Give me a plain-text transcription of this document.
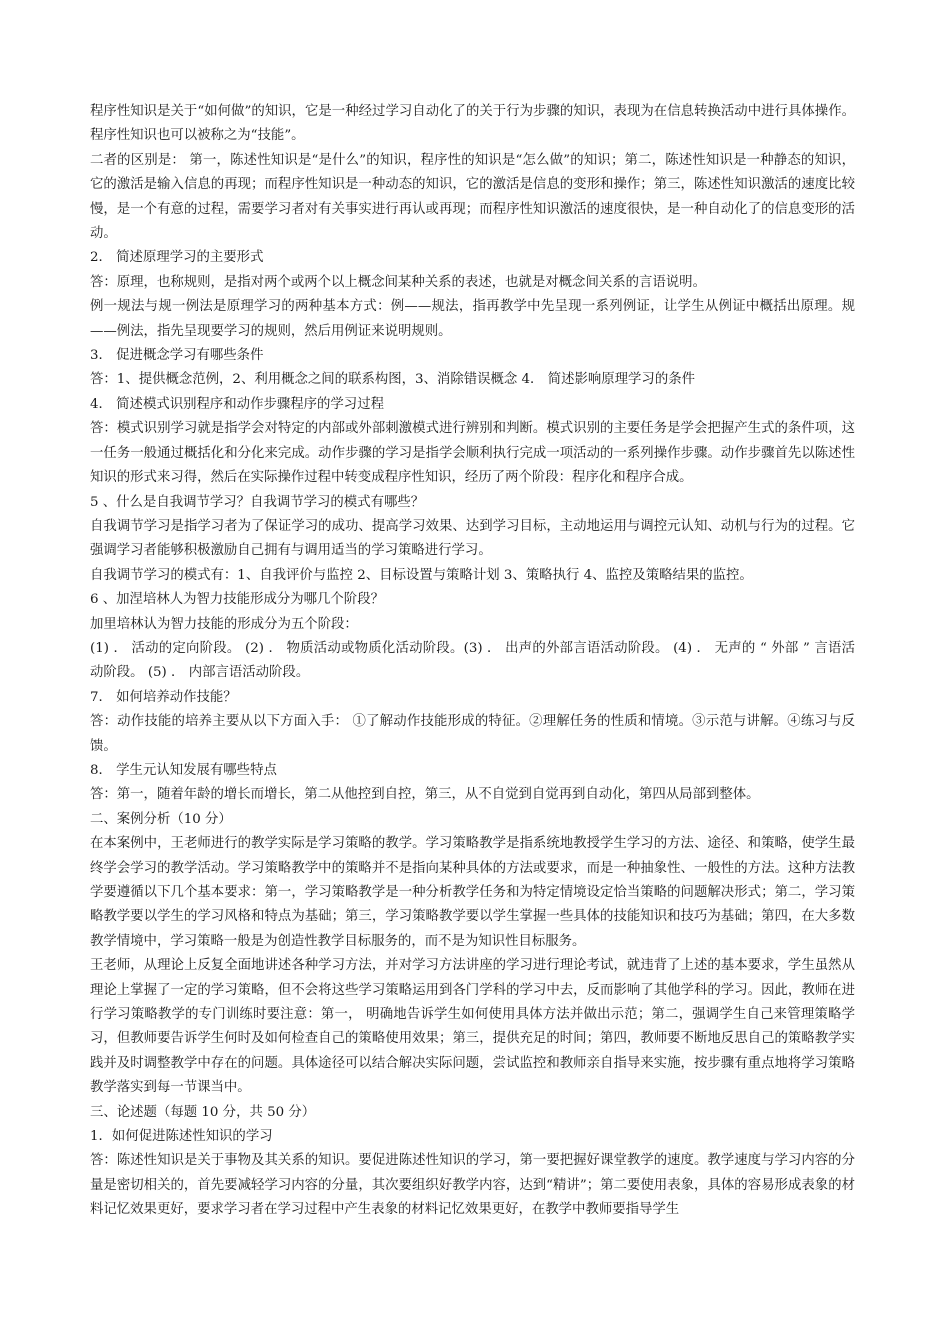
程序性知识是关于“如何做”的知识，它是一种经过学习自动化了的关于行为步骤的知识，表现为在信息转换活动中进行具体操作。程序性知识也可以被称之为“技能”。

二者的区别是： 第一，陈述性知识是“是什么”的知识，程序性的知识是“怎么做”的知识；第二，陈述性知识是一种静态的知识，它的激活是输入信息的再现；而程序性知识是一种动态的知识，它的激活是信息的变形和操作；第三，陈述性知识激活的速度比较慢，是一个有意的过程，需要学习者对有关事实进行再认或再现；而程序性知识激活的速度很快，是一种自动化了的信息变形的活动。

2． 简述原理学习的主要形式

答：原理，也称规则，是指对两个或两个以上概念间某种关系的表述，也就是对概念间关系的言语说明。

例一规法与规一例法是原理学习的两种基本方式：例——规法，指再教学中先呈现一系列例证，让学生从例证中概括出原理。规——例法，指先呈现要学习的规则，然后用例证来说明规则。

3． 促进概念学习有哪些条件

答：1、提供概念范例，2、利用概念之间的联系构图，3、消除错误概念 4． 简述影响原理学习的条件

4． 简述模式识别程序和动作步骤程序的学习过程

答：模式识别学习就是指学会对特定的内部或外部刺激模式进行辨别和判断。模式识别的主要任务是学会把握产生式的条件项，这一任务一般通过概括化和分化来完成。动作步骤的学习是指学会顺利执行完成一项活动的一系列操作步骤。动作步骤首先以陈述性知识的形式来习得，然后在实际操作过程中转变成程序性知识，经历了两个阶段：程序化和程序合成。

5 、什么是自我调节学习？自我调节学习的模式有哪些？

自我调节学习是指学习者为了保证学习的成功、提高学习效果、达到学习目标，主动地运用与调控元认知、动机与行为的过程。它强调学习者能够积极激励自己拥有与调用适当的学习策略进行学习。

自我调节学习的模式有：1、自我评价与监控 2、目标设置与策略计划 3、策略执行 4、监控及策略结果的监控。

6 、加涅培林人为智力技能形成分为哪几个阶段？

加里培林认为智力技能的形成分为五个阶段：

(1) ． 活动的定向阶段。 (2) ． 物质活动或物质化活动阶段。(3) ． 出声的外部言语活动阶段。 (4) ． 无声的 “ 外部 ” 言语活动阶段。 (5) ． 内部言语活动阶段。

7． 如何培养动作技能？

答：动作技能的培养主要从以下方面入手： ①了解动作技能形成的特征。②理解任务的性质和情境。③示范与讲解。④练习与反馈。

8． 学生元认知发展有哪些特点

答：第一，随着年龄的增长而增长，第二从他控到自控，第三，从不自觉到自觉再到自动化，第四从局部到整体。

二、案例分析（10 分）

在本案例中，王老师进行的教学实际是学习策略的教学。学习策略教学是指系统地教授学生学习的方法、途径、和策略，使学生最终学会学习的教学活动。学习策略教学中的策略并不是指向某种具体的方法或要求，而是一种抽象性、一般性的方法。这种方法教学要遵循以下几个基本要求：第一，学习策略教学是一种分析教学任务和为特定情境设定恰当策略的问题解决形式；第二，学习策略教学要以学生的学习风格和特点为基础；第三，学习策略教学要以学生掌握一些具体的技能知识和技巧为基础；第四，在大多数教学情境中，学习策略一般是为创造性教学目标服务的，而不是为知识性目标服务。

王老师，从理论上反复全面地讲述各种学习方法，并对学习方法讲座的学习进行理论考试，就违背了上述的基本要求，学生虽然从理论上掌握了一定的学习策略，但不会将这些学习策略运用到各门学科的学习中去，反而影响了其他学科的学习。因此，教师在进行学习策略教学的专门训练时要注意：第一， 明确地告诉学生如何使用具体方法并做出示范；第二，强调学生自己来管理策略学习，但教师要告诉学生何时及如何检查自己的策略使用效果；第三，提供充足的时间；第四，教师要不断地反思自己的策略教学实践并及时调整教学中存在的问题。具体途径可以结合解决实际问题，尝试监控和教师亲自指导来实施，按步骤有重点地将学习策略教学落实到每一节课当中。

三、论述题（每题 10 分，共 50 分）

1．如何促进陈述性知识的学习

答：陈述性知识是关于事物及其关系的知识。要促进陈述性知识的学习，第一要把握好课堂教学的速度。教学速度与学习内容的分量是密切相关的，首先要减轻学习内容的分量，其次要组织好教学内容，达到“精讲”；第二要使用表象，具体的容易形成表象的材料记忆效果更好，要求学习者在学习过程中产生表象的材料记忆效果更好，在教学中教师要指导学生
